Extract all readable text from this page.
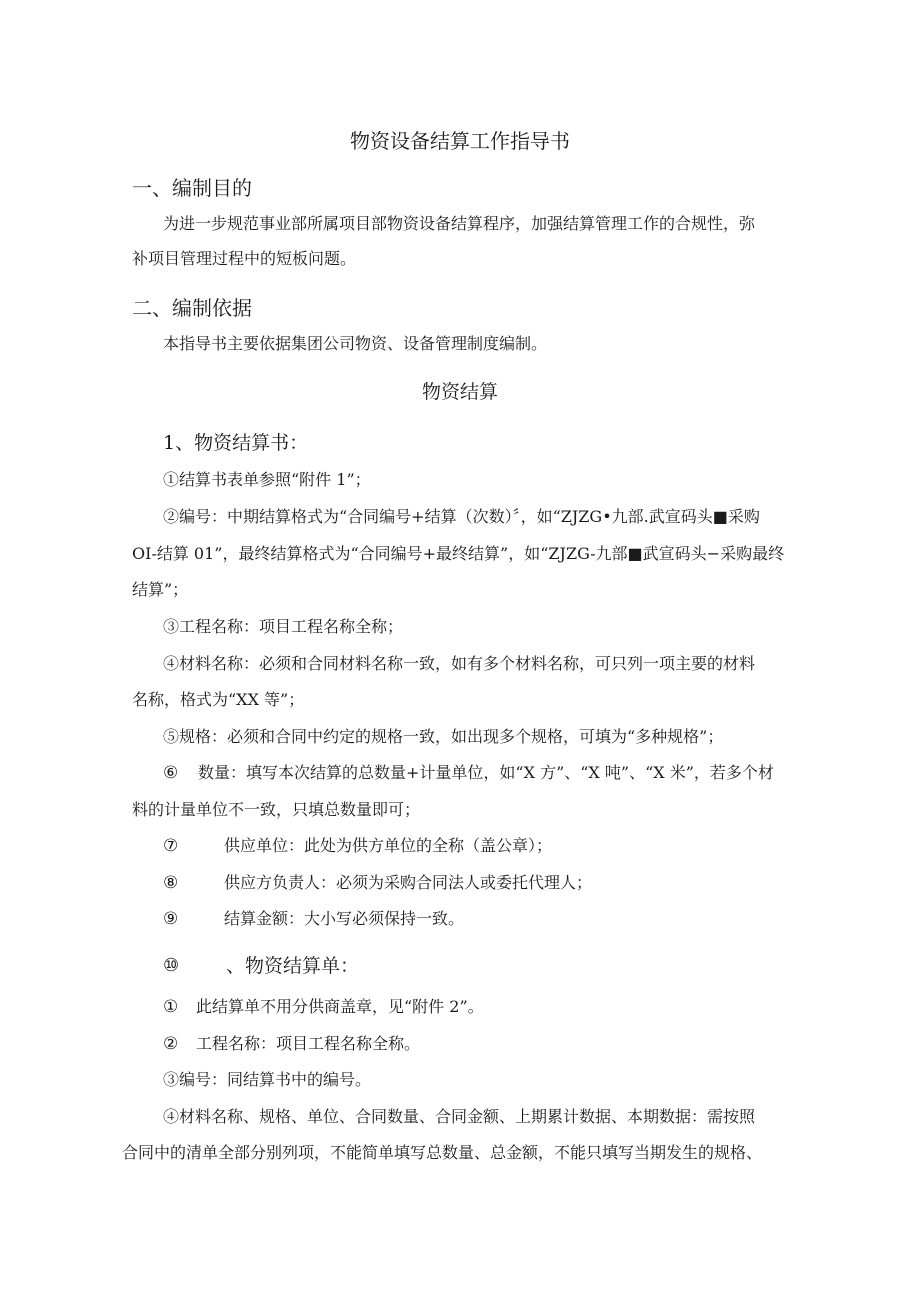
物资设备结算工作指导书
一、编制目的
为进一步规范事业部所属项目部物资设备结算程序，加强结算管理工作的合规性，弥
补项目管理过程中的短板问题。
二、编制依据
本指导书主要依据集团公司物资、设备管理制度编制。
物资结算
1、物资结算书：
①结算书表单参照“附件 1”；
②编号：中期结算格式为“合同编号+结算（次数）〞，如“ZJZG•九部.武宣码头■采购
OI-结算 01”，最终结算格式为“合同编号+最终结算”，如“ZJZG-九部■武宣码头−采购最终
结算”；
③工程名称：项目工程名称全称；
④材料名称：必须和合同材料名称一致，如有多个材料名称，可只列一项主要的材料
名称，格式为“XX 等”；
⑤规格：必须和合同中约定的规格一致，如出现多个规格，可填为“多种规格”；
⑥ 数量：填写本次结算的总数量+计量单位，如“X 方”、“X 吨”、“X 米”，若多个材
料的计量单位不一致，只填总数量即可；
⑦	供应单位：此处为供方单位的全称（盖公章）；
⑧	供应方负责人：必须为采购合同法人或委托代理人；
⑨	结算金额：大小写必须保持一致。
⑩ 、物资结算单：
① 此结算单不用分供商盖章，见“附件 2”。
② 工程名称：项目工程名称全称。
③编号：同结算书中的编号。
④材料名称、规格、单位、合同数量、合同金额、上期累计数据、本期数据：需按照
合同中的清单全部分别列项，不能简单填写总数量、总金额，不能只填写当期发生的规格、
